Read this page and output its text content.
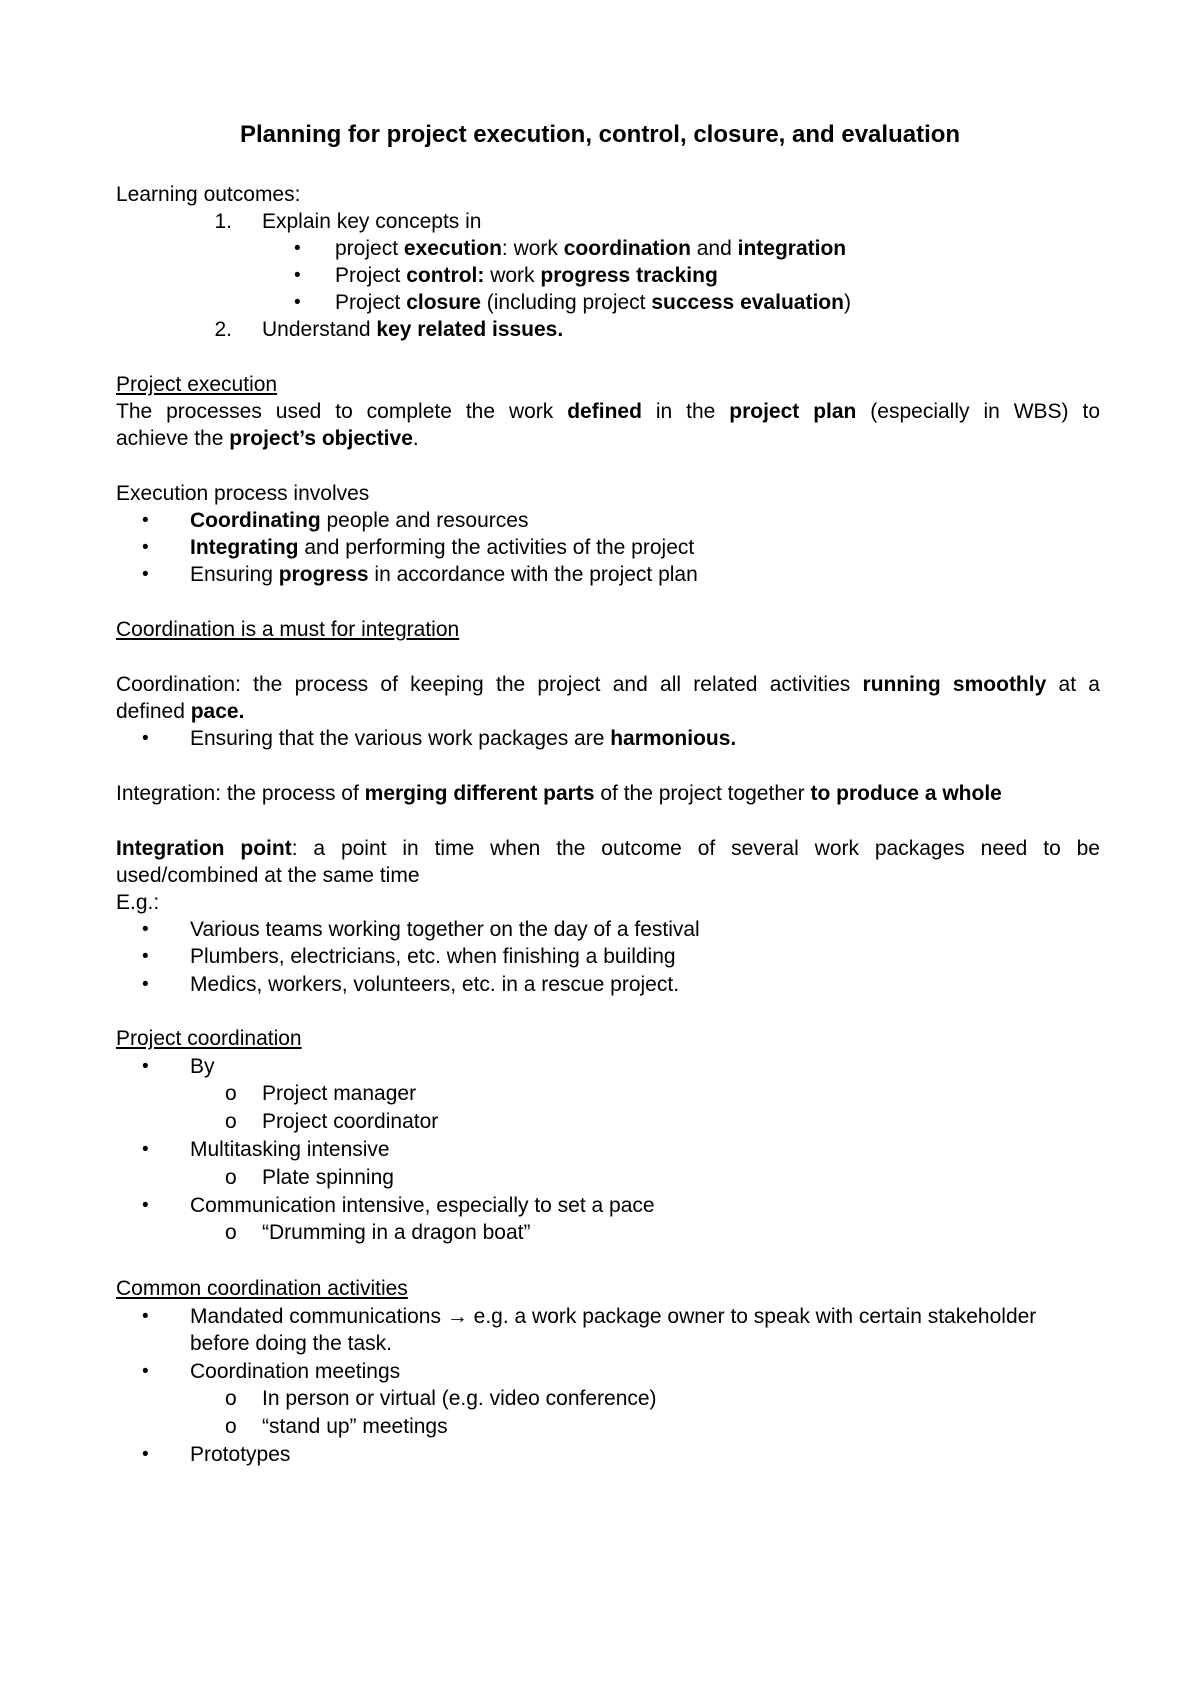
Planning for project execution, control, closure, and evaluation
Learning outcomes:
1. Explain key concepts in
• project execution: work coordination and integration
• Project control: work progress tracking
• Project closure (including project success evaluation)
2. Understand key related issues.
Project execution
The processes used to complete the work defined in the project plan (especially in WBS) to
achieve the project’s objective.
Execution process involves
• Coordinating people and resources
• Integrating and performing the activities of the project
• Ensuring progress in accordance with the project plan
Coordination is a must for integration
Coordination: the process of keeping the project and all related activities running smoothly at a
defined pace.
• Ensuring that the various work packages are harmonious.
Integration: the process of merging different parts of the project together to produce a whole
Integration point: a point in time when the outcome of several work packages need to be
used/combined at the same time
E.g.:
• Various teams working together on the day of a festival
• Plumbers, electricians, etc. when finishing a building
• Medics, workers, volunteers, etc. in a rescue project.
Project coordination
• By
o Project manager
o Project coordinator
• Multitasking intensive
o Plate spinning
• Communication intensive, especially to set a pace
o “Drumming in a dragon boat”
Common coordination activities
• Mandated communications → e.g. a work package owner to speak with certain stakeholder
before doing the task.
• Coordination meetings
o In person or virtual (e.g. video conference)
o “stand up” meetings
• Prototypes
